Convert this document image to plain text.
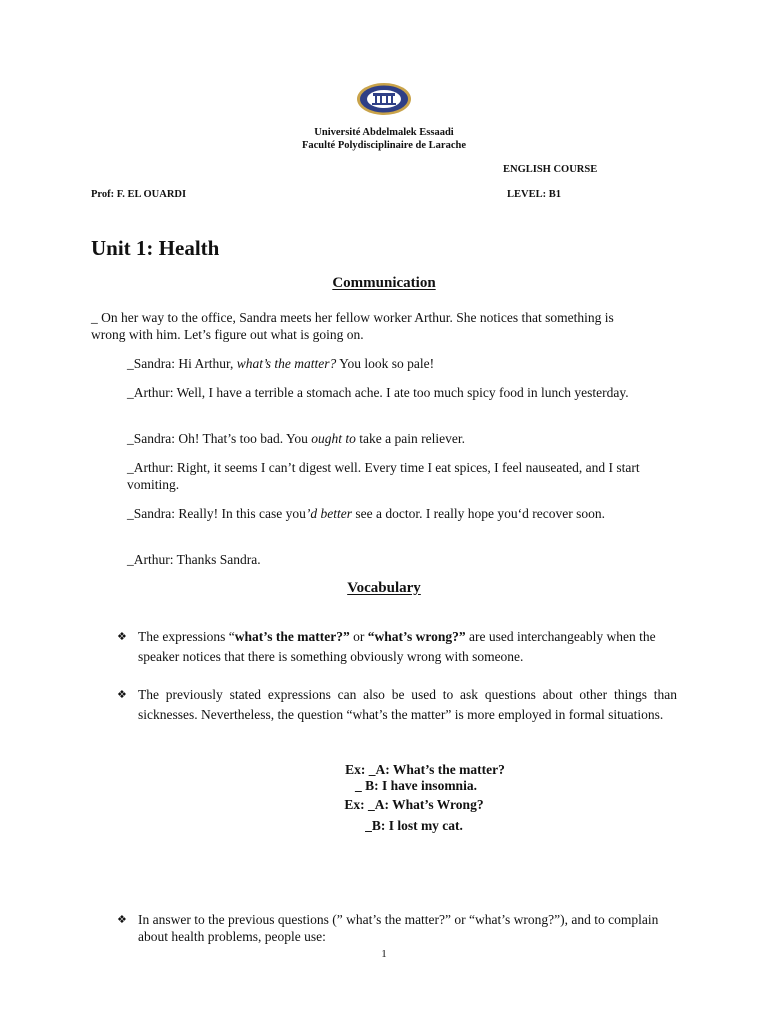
Université Abdelmalek Essaadi
Faculté Polydisciplinaire de Larache
ENGLISH COURSE
Prof: F. EL OUARDI	LEVEL: B1
Unit 1: Health
Communication
_ On her way to the office, Sandra meets her fellow worker Arthur. She notices that something is wrong with him. Let’s figure out what is going on.
_Sandra: Hi Arthur, what’s the matter? You look so pale!
_Arthur: Well, I have a terrible a stomach ache. I ate too much spicy food in lunch yesterday.
_Sandra: Oh! That’s too bad. You ought to take a pain reliever.
_Arthur: Right, it seems I can’t digest well. Every time I eat spices, I feel nauseated, and I start vomiting.
_Sandra: Really! In this case you’d better see a doctor. I really hope you‘d recover soon.
_Arthur: Thanks Sandra.
Vocabulary
❖ The expressions “what’s the matter?” or “what’s wrong?” are used interchangeably when the speaker notices that there is something obviously wrong with someone.
❖ The previously stated expressions can also be used to ask questions about other things than sicknesses. Nevertheless, the question “what’s the matter” is more employed in formal situations.
Ex: _A: What’s the matter?
_ B: I have insomnia.
Ex: _A: What’s Wrong?
_B: I lost my cat.
❖ In answer to the previous questions (” what’s the matter?” or “what’s wrong?”), and to complain about health problems, people use:
1
